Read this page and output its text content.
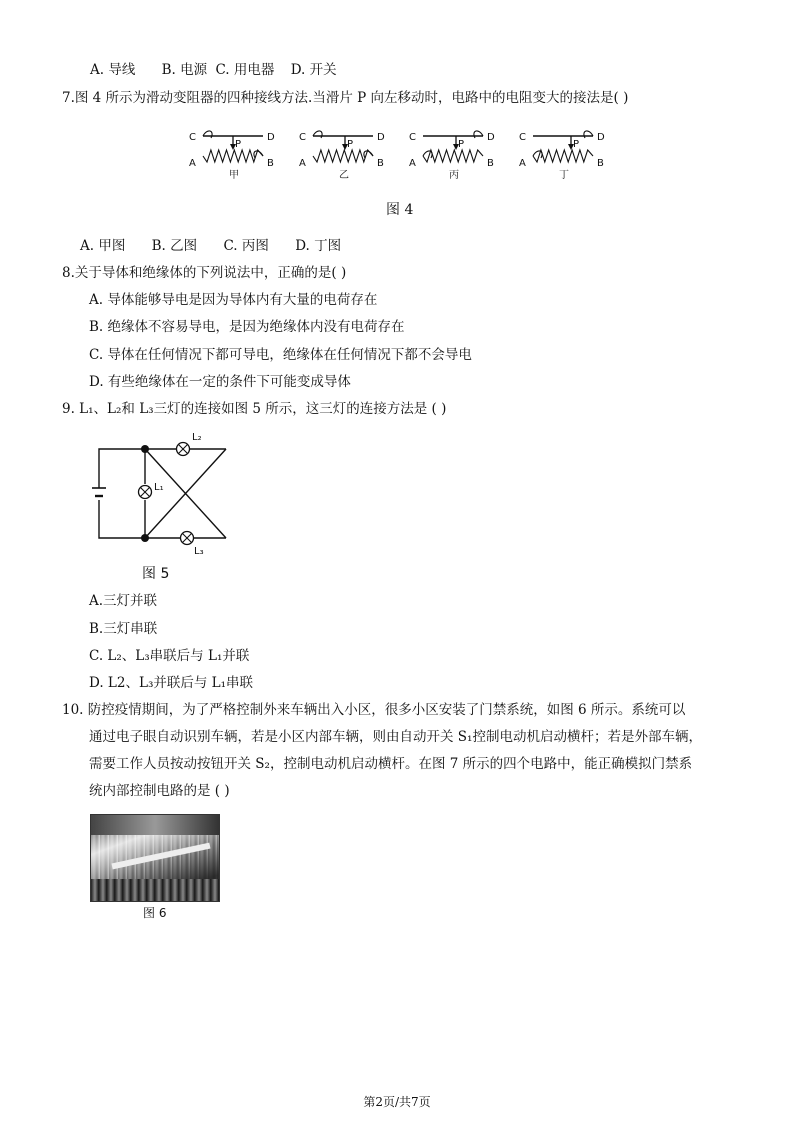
A. 导线 B. 电源 C. 用电器 D. 开关
7.图 4 所示为滑动变阻器的四种接线方法.当滑片 P 向左移动时，电路中的电阻变大的接法是( )
C	D
A	B
P
甲
C	D
A	B
P
乙
C	D
A	B
P
丙
C	D
A	B
P
丁
图 4
A. 甲图 B. 乙图 C. 丙图 D. 丁图
8.关于导体和绝缘体的下列说法中，正确的是( )
A. 导体能够导电是因为导体内有大量的电荷存在
B. 绝缘体不容易导电，是因为绝缘体内没有电荷存在
C. 导体在任何情况下都可导电，绝缘体在任何情况下都不会导电
D. 有些绝缘体在一定的条件下可能变成导体
9. L₁、L₂和 L₃三灯的连接如图 5 所示，这三灯的连接方法是 ( )
L₂
L₁
L₃
图 5
A.三灯并联
B.三灯串联
C. L₂、L₃串联后与 L₁并联
D. L2、L₃并联后与 L₁串联
10. 防控疫情期间，为了严格控制外来车辆出入小区，很多小区安装了门禁系统，如图 6 所示。系统可以
通过电子眼自动识别车辆，若是小区内部车辆，则由自动开关 S₁控制电动机启动横杆；若是外部车辆，
需要工作人员按动按钮开关 S₂，控制电动机启动横杆。在图 7 所示的四个电路中，能正确模拟门禁系
统内部控制电路的是 ( )
图 6
第2页/共7页
